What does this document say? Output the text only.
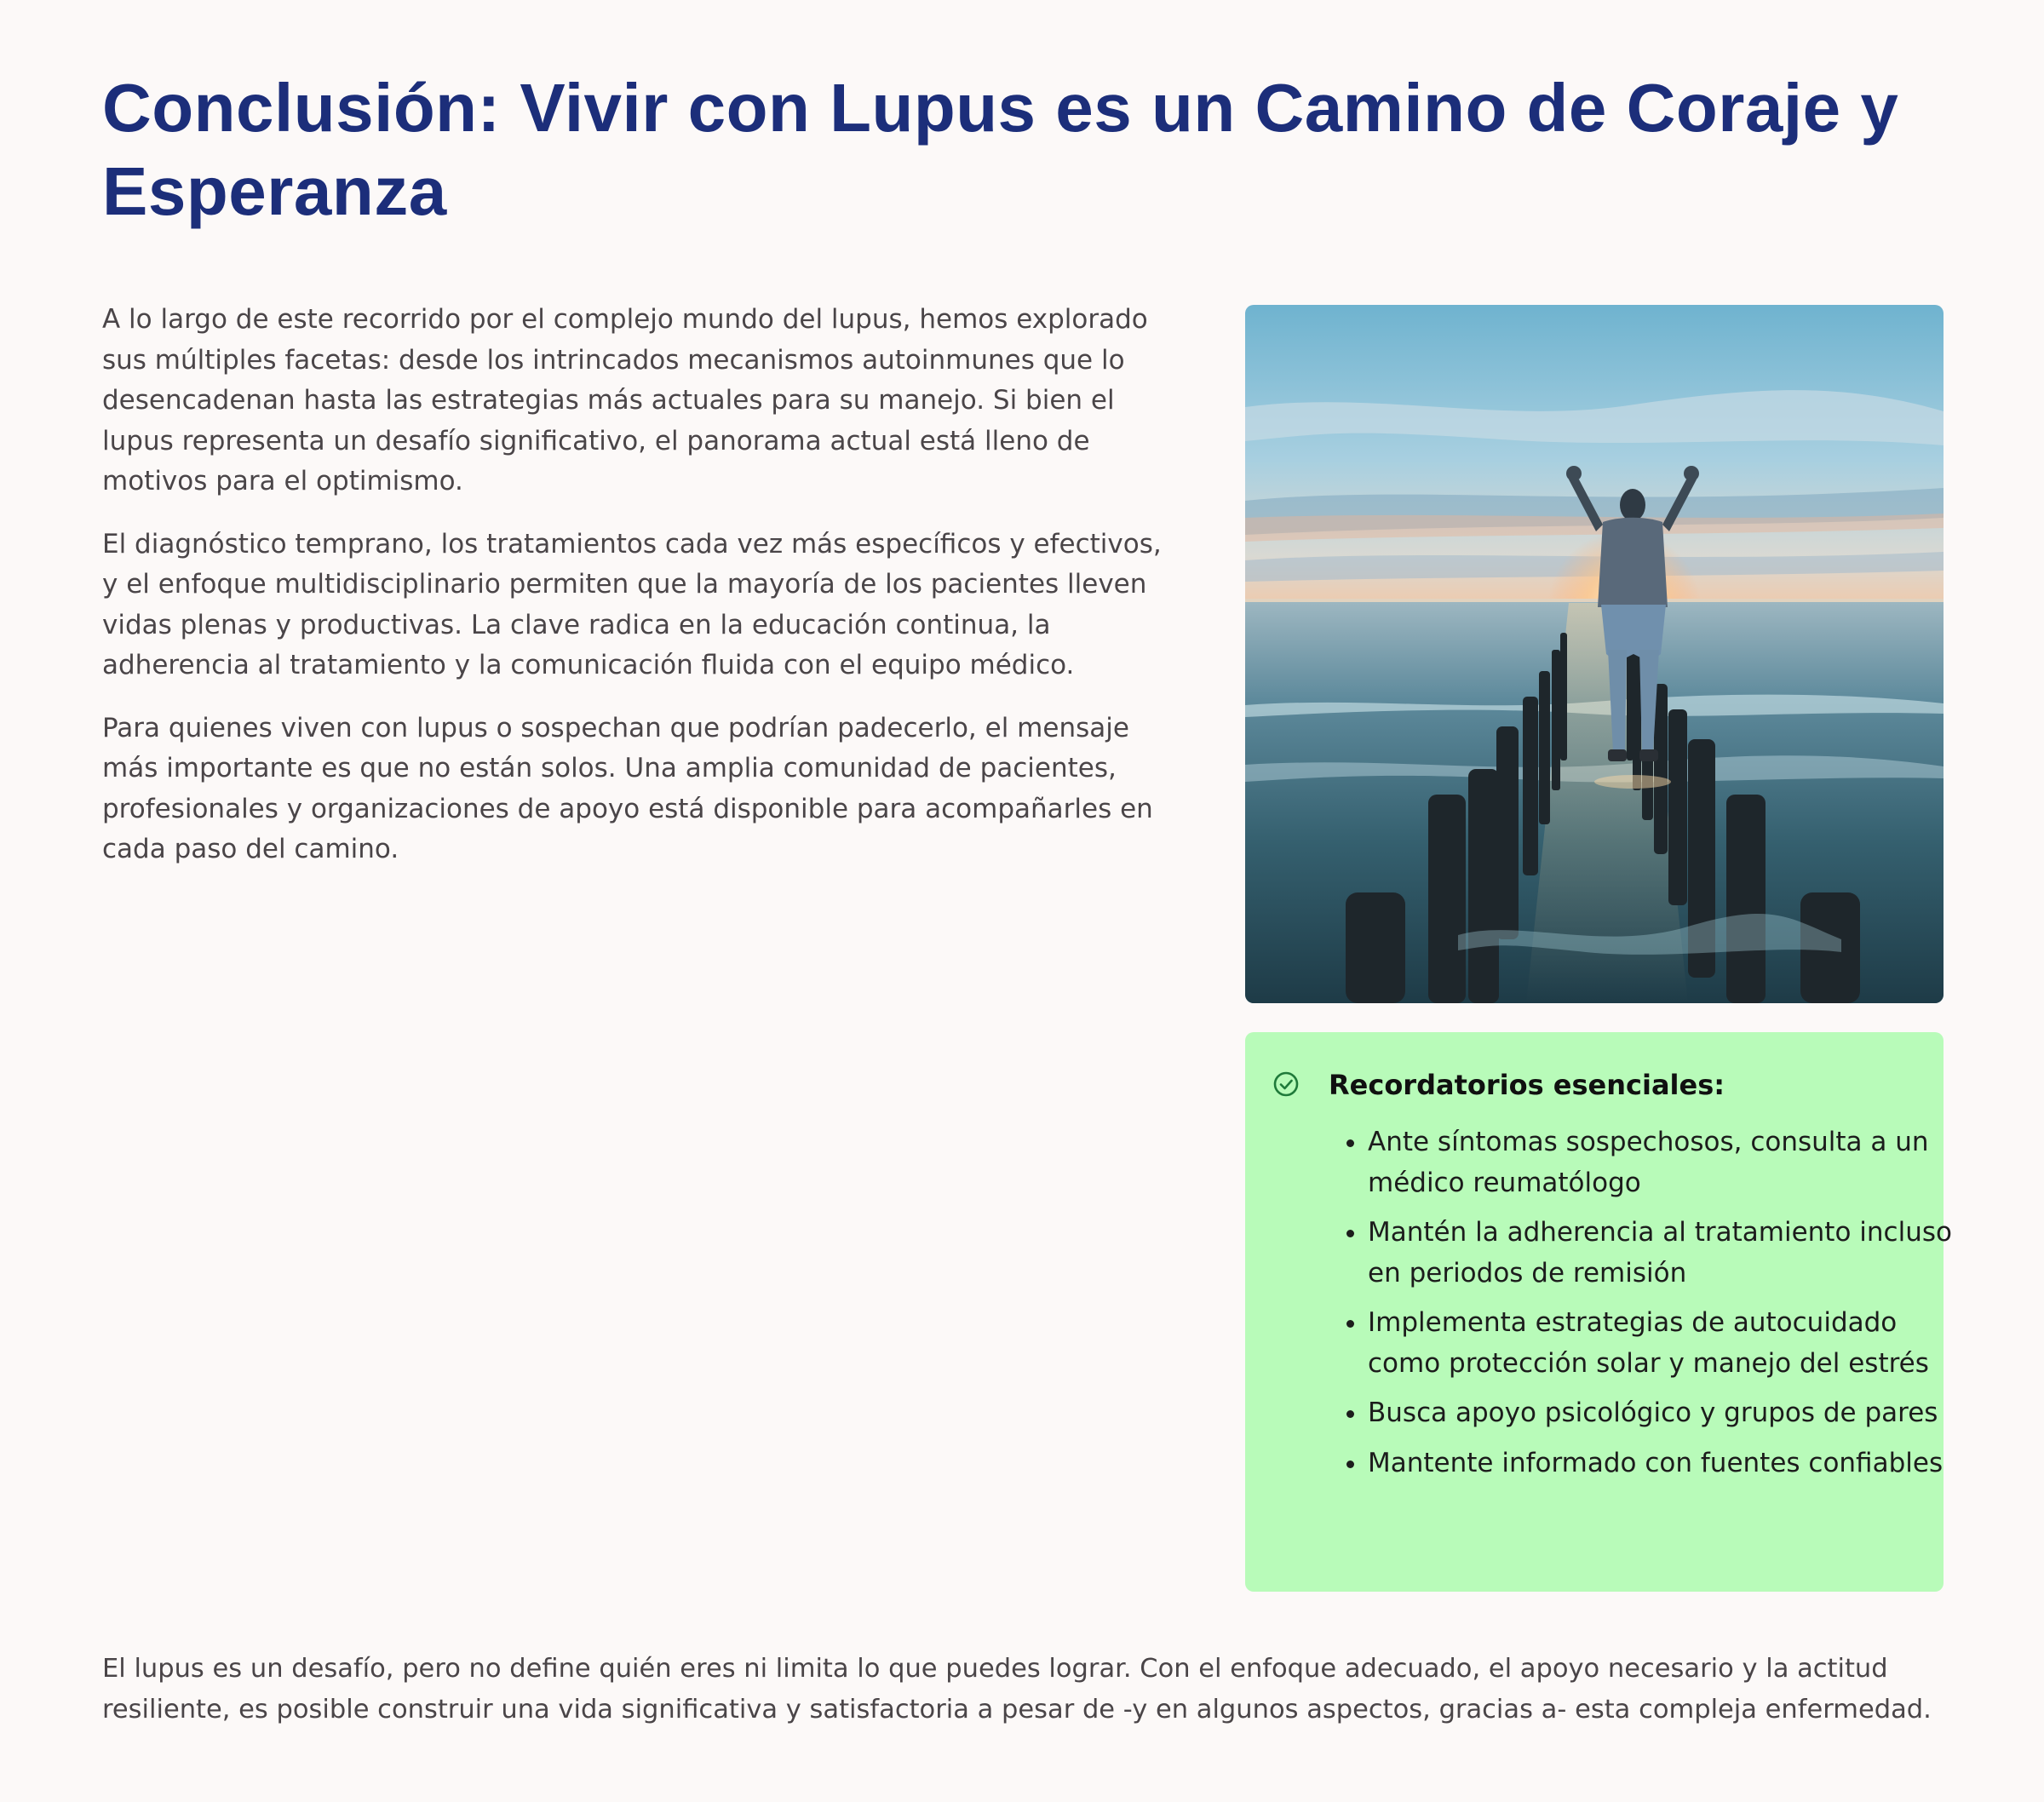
Conclusión: Vivir con Lupus es un Camino de Coraje y Esperanza

A lo largo de este recorrido por el complejo mundo del lupus, hemos explorado sus múltiples facetas: desde los intrincados mecanismos autoinmunes que lo desencadenan hasta las estrategias más actuales para su manejo. Si bien el lupus representa un desafío significativo, el panorama actual está lleno de motivos para el optimismo.

El diagnóstico temprano, los tratamientos cada vez más específicos y efectivos, y el enfoque multidisciplinario permiten que la mayoría de los pacientes lleven vidas plenas y productivas. La clave radica en la educación continua, la adherencia al tratamiento y la comunicación fluida con el equipo médico.

Para quienes viven con lupus o sospechan que podrían padecerlo, el mensaje más importante es que no están solos. Una amplia comunidad de pacientes, profesionales y organizaciones de apoyo está disponible para acompañarles en cada paso del camino.

Recordatorios esenciales:
• Ante síntomas sospechosos, consulta a un médico reumatólogo
• Mantén la adherencia al tratamiento incluso en periodos de remisión
• Implementa estrategias de autocuidado como protección solar y manejo del estrés
• Busca apoyo psicológico y grupos de pares
• Mantente informado con fuentes confiables

El lupus es un desafío, pero no define quién eres ni limita lo que puedes lograr. Con el enfoque adecuado, el apoyo necesario y la actitud resiliente, es posible construir una vida significativa y satisfactoria a pesar de -y en algunos aspectos, gracias a- esta compleja enfermedad.
